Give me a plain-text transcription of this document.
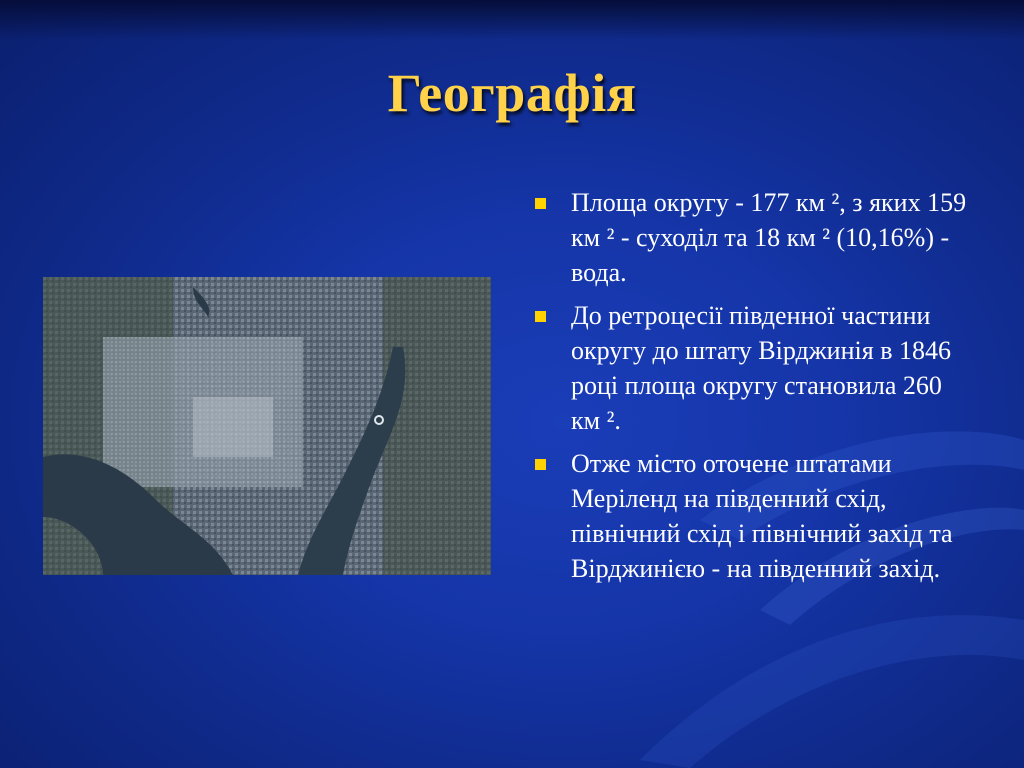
Географія
Площа округу - 177 км ², з яких 159 км ² - суходіл та 18 км ² (10,16%) - вода.
До ретроцесії південної частини округу до штату Вірджинія в 1846 році площа округу становила 260 км ².
Отже місто оточене штатами Меріленд на південний схід, північний схід і північний захід та Вірджинією - на південний захід.
